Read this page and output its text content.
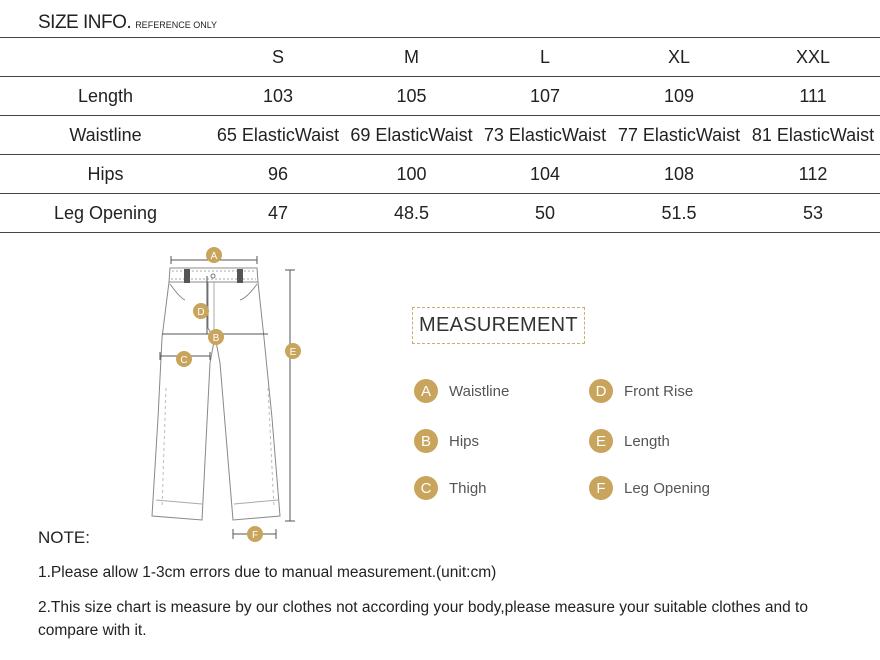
SIZE INFO. REFERENCE ONLY
	S	M	L	XL	XXL
Length	103	105	107	109	111
Waistline	65 ElasticWaist	69 ElasticWaist	73 ElasticWaist	77 ElasticWaist	81 ElasticWaist
Hips	96	100	104	108	112
Leg Opening	47	48.5	50	51.5	53
A
D
B
C
E
F
MEASUREMENT
A	Waistline
B	Hips
C	Thigh
D	Front Rise
E	Length
F	Leg Opening
NOTE:
1.Please allow 1-3cm errors due to manual measurement.(unit:cm)
2.This size chart is measure by our clothes not according your body,please measure your suitable clothes and to compare with it.
